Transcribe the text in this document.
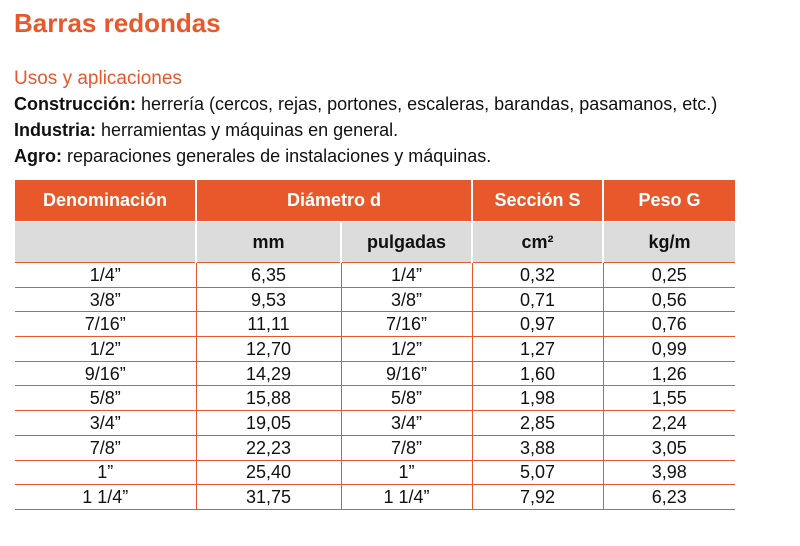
Barras redondas
Usos y aplicaciones
Construcción: herrería (cercos, rejas, portones, escaleras, barandas, pasamanos, etc.)
Industria: herramientas y máquinas en general.
Agro: reparaciones generales de instalaciones y máquinas.
Denominación	Diámetro d		Sección S	Peso G
	mm	pulgadas	cm²	kg/m
1/4”	6,35	1/4”	0,32	0,25
3/8”	9,53	3/8”	0,71	0,56
7/16”	11,11	7/16”	0,97	0,76
1/2”	12,70	1/2”	1,27	0,99
9/16”	14,29	9/16”	1,60	1,26
5/8”	15,88	5/8”	1,98	1,55
3/4”	19,05	3/4”	2,85	2,24
7/8”	22,23	7/8”	3,88	3,05
1”	25,40	1”	5,07	3,98
1 1/4”	31,75	1 1/4”	7,92	6,23
